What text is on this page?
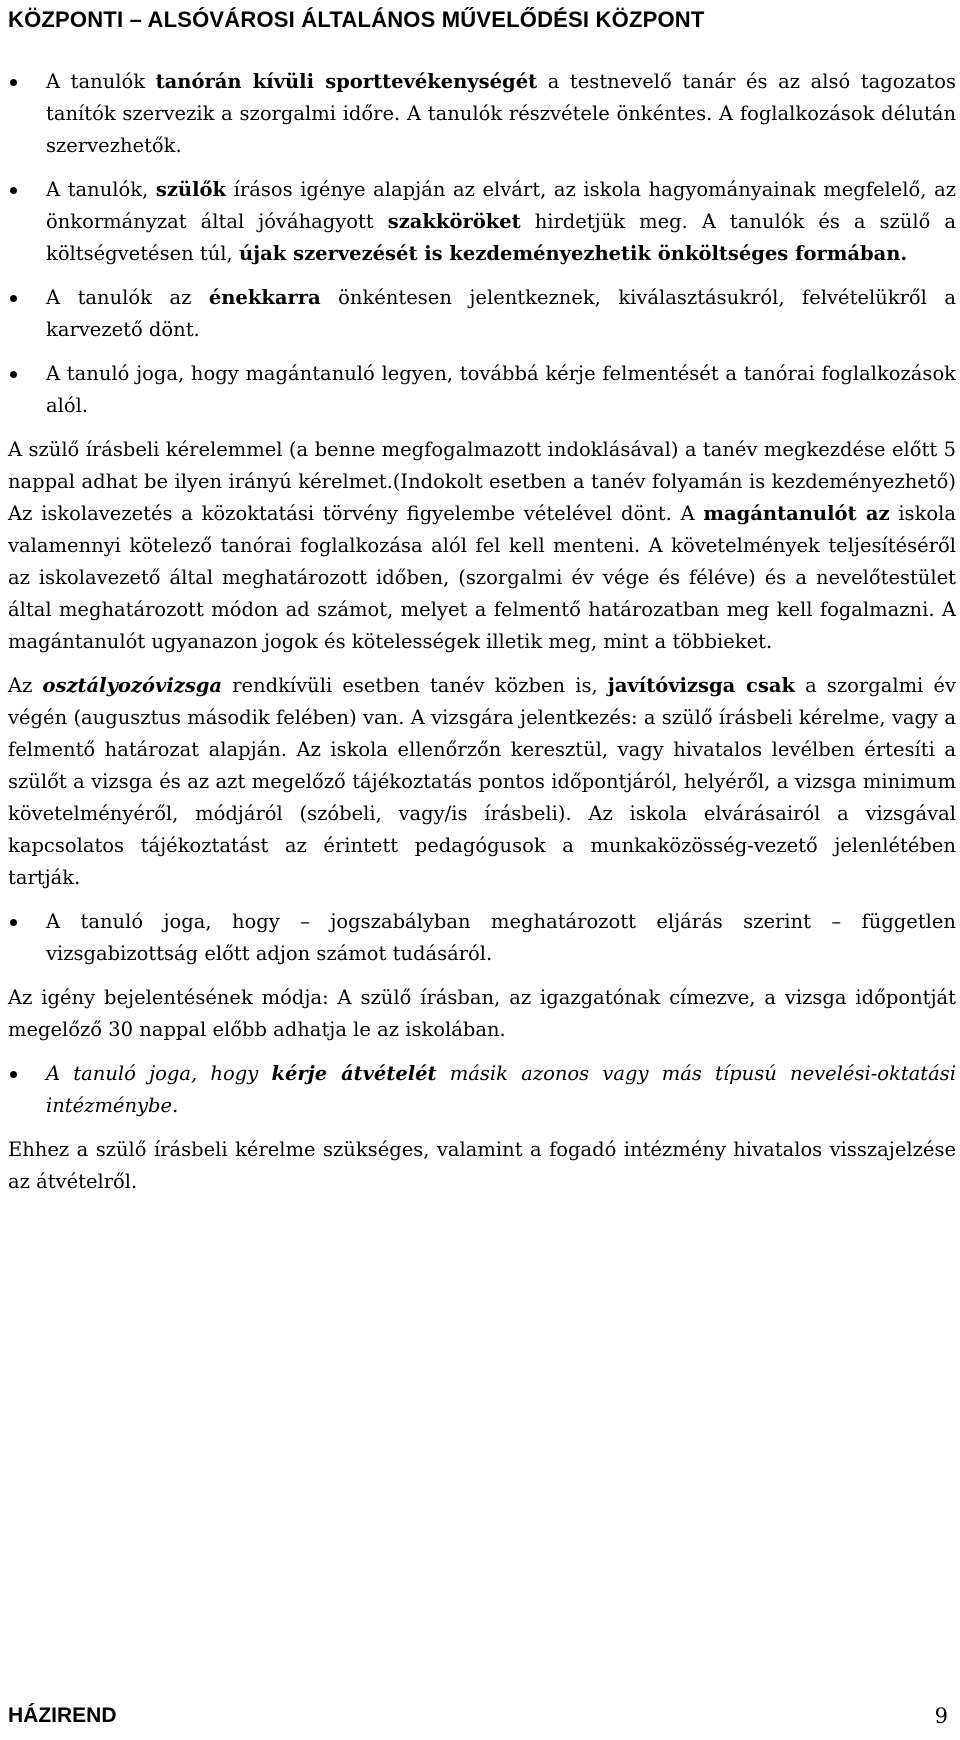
KÖZPONTI – ALSÓVÁROSI ÁLTALÁNOS MŰVELŐDÉSI KÖZPONT
A tanulók tanórán kívüli sporttevékenységét a testnevelő tanár és az alsó tagozatos tanítók szervezik a szorgalmi időre. A tanulók részvétele önkéntes. A foglalkozások délután szervezhetők.
A tanulók, szülők írásos igénye alapján az elvárt, az iskola hagyományainak megfelelő, az önkormányzat által jóváhagyott szakköröket hirdetjük meg. A tanulók és a szülő a költségvetésen túl, újak szervezését is kezdeményezhetik önköltséges formában.
A tanulók az énekkarra önkéntesen jelentkeznek, kiválasztásukról, felvételükről a karvezető dönt.
A tanuló joga, hogy magántanuló legyen, továbbá kérje felmentését a tanórai foglalkozások alól.
A szülő írásbeli kérelemmel (a benne megfogalmazott indoklásával) a tanév megkezdése előtt 5 nappal adhat be ilyen irányú kérelmet.(Indokolt esetben a tanév folyamán is kezdeményezhető) Az iskolavezetés a közoktatási törvény figyelembe vételével dönt. A magántanulót az iskola valamennyi kötelező tanórai foglalkozása alól fel kell menteni. A követelmények teljesítéséről az iskolavezető által meghatározott időben, (szorgalmi év vége és féléve) és a nevelőtestület által meghatározott módon ad számot, melyet a felmentő határozatban meg kell fogalmazni. A magántanulót ugyanazon jogok és kötelességek illetik meg, mint a többieket.
Az osztályozóvizsga rendkívüli esetben tanév közben is, javítóvizsga csak a szorgalmi év végén (augusztus második felében) van. A vizsgára jelentkezés: a szülő írásbeli kérelme, vagy a felmentő határozat alapján. Az iskola ellenőrzőn keresztül, vagy hivatalos levélben értesíti a szülőt a vizsga és az azt megelőző tájékoztatás pontos időpontjáról, helyéről, a vizsga minimum követelményéről, módjáról (szóbeli, vagy/is írásbeli). Az iskola elvárásairól a vizsgával kapcsolatos tájékoztatást az érintett pedagógusok a munkaközösség-vezető jelenlétében tartják.
A tanuló joga, hogy – jogszabályban meghatározott eljárás szerint – független vizsgabizottság előtt adjon számot tudásáról.
Az igény bejelentésének módja: A szülő írásban, az igazgatónak címezve, a vizsga időpontját megelőző 30 nappal előbb adhatja le az iskolában.
A tanuló joga, hogy kérje átvételét másik azonos vagy más típusú nevelési-oktatási intézménybe.
Ehhez a szülő írásbeli kérelme szükséges, valamint a fogadó intézmény hivatalos visszajelzése az átvételről.
HÁZIREND	9
